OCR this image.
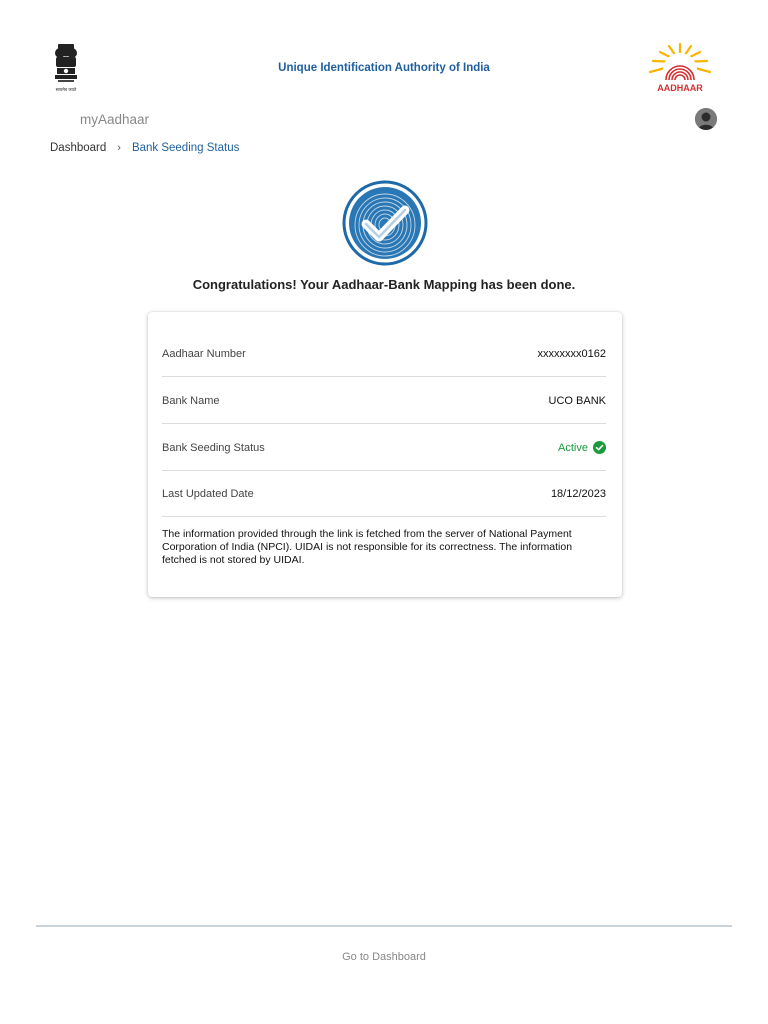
सत्यमेव जयते
Unique Identification Authority of India
AADHAAR
myAadhaar
Dashboard › Bank Seeding Status
Congratulations! Your Aadhaar-Bank Mapping has been done.
Aadhaar Number	xxxxxxxx0162
Bank Name	UCO BANK
Bank Seeding Status	Active
Last Updated Date	18/12/2023
The information provided through the link is fetched from the server of National Payment Corporation of India (NPCI). UIDAI is not responsible for its correctness. The information fetched is not stored by UIDAI.
Go to Dashboard
